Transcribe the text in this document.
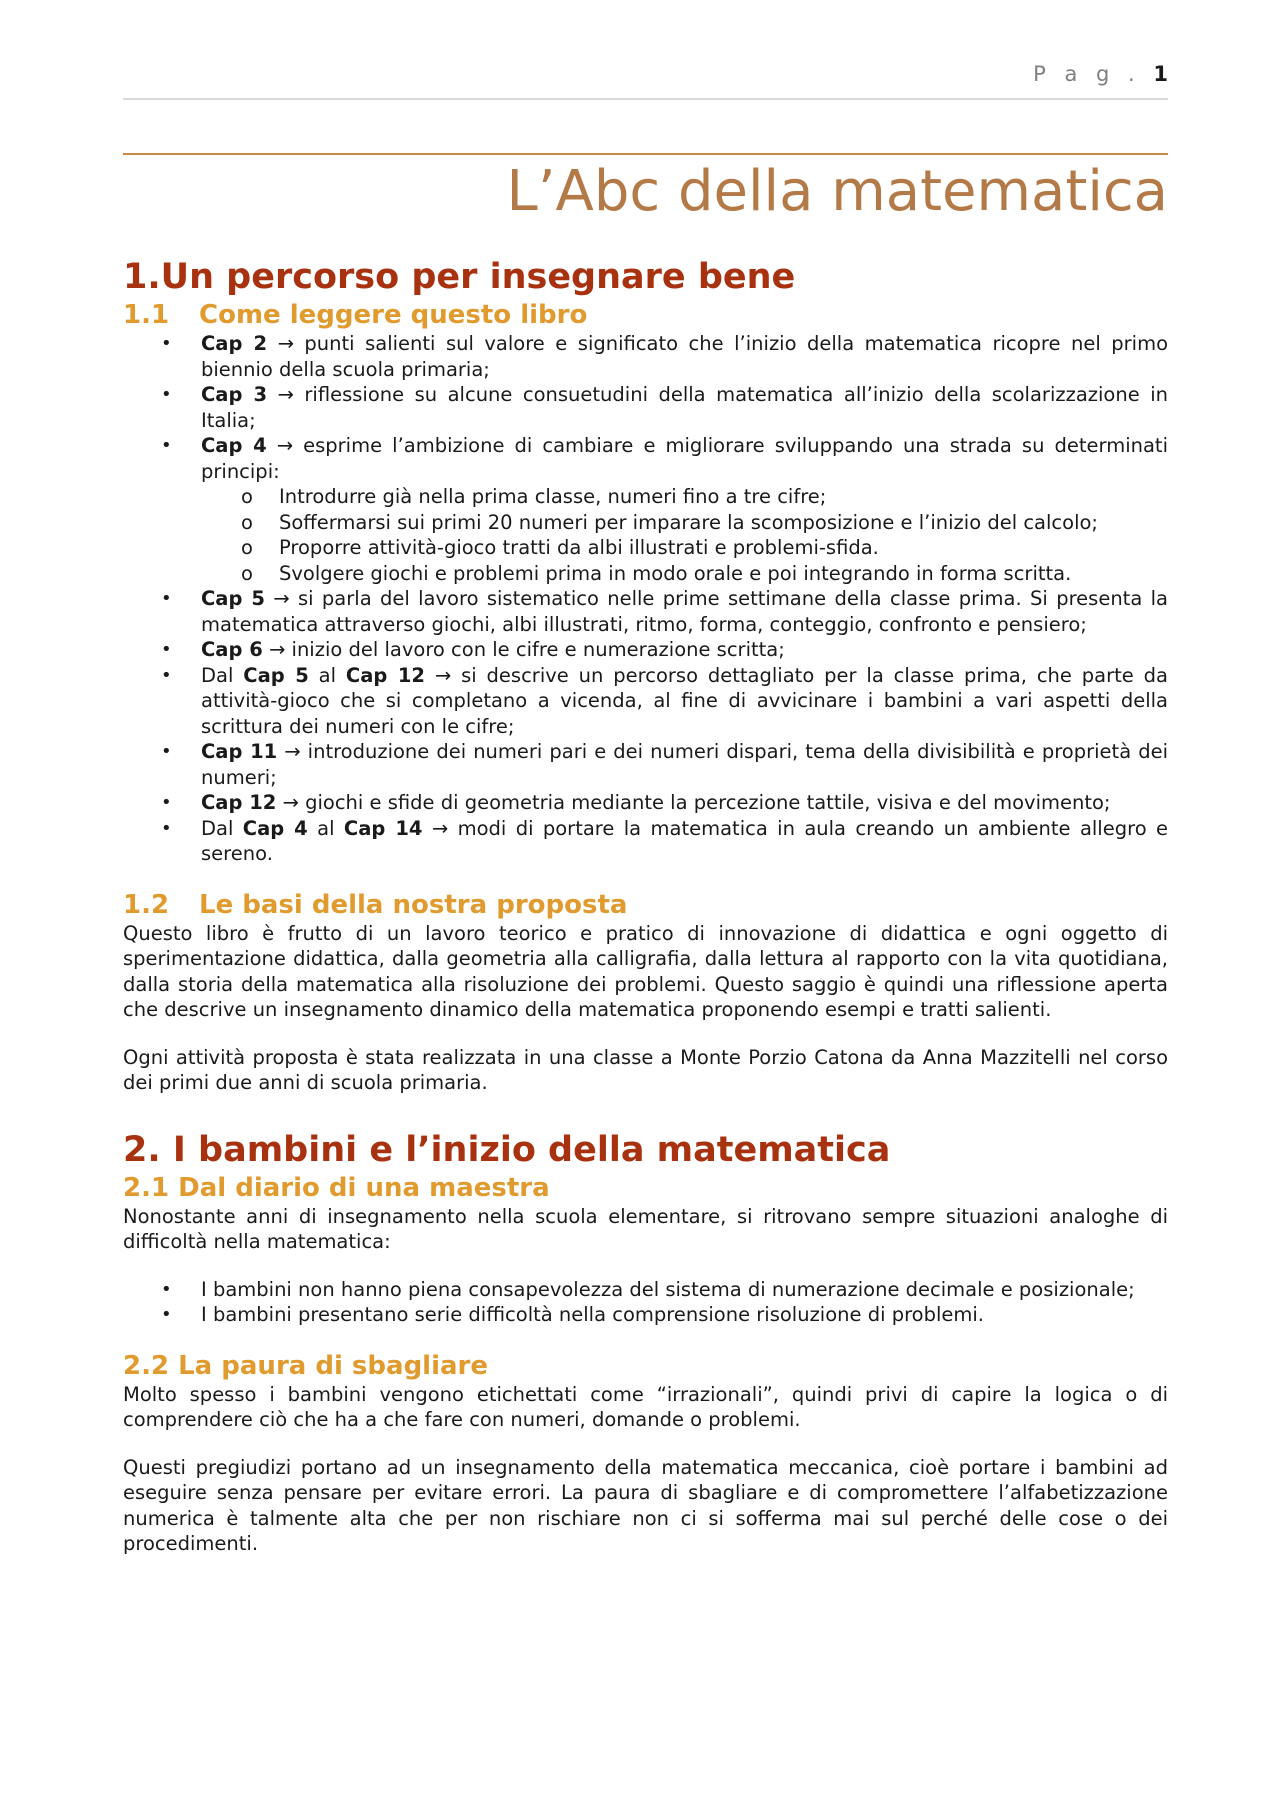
P a g . 1
L’Abc della matematica
1.Un percorso per insegnare bene
1.1 Come leggere questo libro
• Cap 2 → punti salienti sul valore e significato che l’inizio della matematica ricopre nel primo biennio della scuola primaria;
• Cap 3 → riflessione su alcune consuetudini della matematica all’inizio della scolarizzazione in Italia;
• Cap 4 → esprime l’ambizione di cambiare e migliorare sviluppando una strada su determinati principi:
o Introdurre già nella prima classe, numeri fino a tre cifre;
o Soffermarsi sui primi 20 numeri per imparare la scomposizione e l’inizio del calcolo;
o Proporre attività-gioco tratti da albi illustrati e problemi-sfida.
o Svolgere giochi e problemi prima in modo orale e poi integrando in forma scritta.
• Cap 5 → si parla del lavoro sistematico nelle prime settimane della classe prima. Si presenta la matematica attraverso giochi, albi illustrati, ritmo, forma, conteggio, confronto e pensiero;
• Cap 6 → inizio del lavoro con le cifre e numerazione scritta;
• Dal Cap 5 al Cap 12 → si descrive un percorso dettagliato per la classe prima, che parte da attività-gioco che si completano a vicenda, al fine di avvicinare i bambini a vari aspetti della scrittura dei numeri con le cifre;
• Cap 11 → introduzione dei numeri pari e dei numeri dispari, tema della divisibilità e proprietà dei numeri;
• Cap 12 → giochi e sfide di geometria mediante la percezione tattile, visiva e del movimento;
• Dal Cap 4 al Cap 14 → modi di portare la matematica in aula creando un ambiente allegro e sereno.
1.2 Le basi della nostra proposta

Questo libro è frutto di un lavoro teorico e pratico di innovazione di didattica e ogni oggetto di sperimentazione didattica, dalla geometria alla calligrafia, dalla lettura al rapporto con la vita quotidiana, dalla storia della matematica alla risoluzione dei problemi. Questo saggio è quindi una riflessione aperta che descrive un insegnamento dinamico della matematica proponendo esempi e tratti salienti.

Ogni attività proposta è stata realizzata in una classe a Monte Porzio Catona da Anna Mazzitelli nel corso dei primi due anni di scuola primaria.

2. I bambini e l’inizio della matematica
2.1 Dal diario di una maestra

Nonostante anni di insegnamento nella scuola elementare, si ritrovano sempre situazioni analoghe di difficoltà nella matematica:

• I bambini non hanno piena consapevolezza del sistema di numerazione decimale e posizionale;
• I bambini presentano serie difficoltà nella comprensione risoluzione di problemi.
2.2 La paura di sbagliare

Molto spesso i bambini vengono etichettati come “irrazionali”, quindi privi di capire la logica o di comprendere ciò che ha a che fare con numeri, domande o problemi.

Questi pregiudizi portano ad un insegnamento della matematica meccanica, cioè portare i bambini ad eseguire senza pensare per evitare errori. La paura di sbagliare e di compromettere l’alfabetizzazione numerica è talmente alta che per non rischiare non ci si sofferma mai sul perché delle cose o dei procedimenti.
